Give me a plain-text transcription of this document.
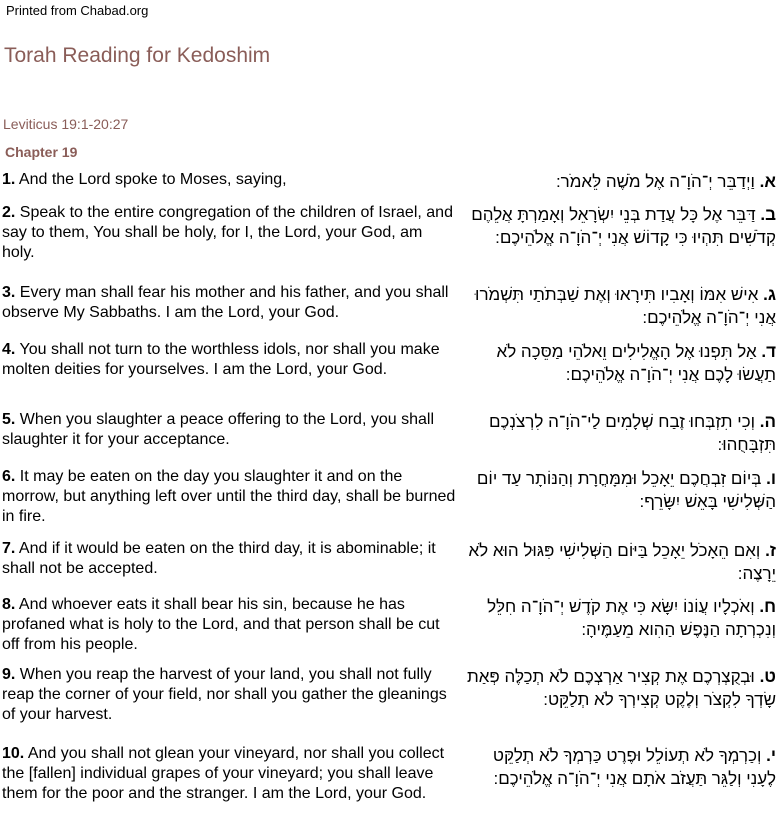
Printed from Chabad.org
Torah Reading for Kedoshim
Leviticus 19:1-20:27
Chapter 19
1. And the Lord spoke to Moses, saying,	א. וַיְדַבֵּר יְ־הֹוָ־ה אֶל מֹשֶׁה לֵּאמֹר:
2. Speak to the entire congregation of the children of Israel, and say to them, You shall be holy, for I, the Lord, your God, am holy.	ב. דַּבֵּר אֶל כָּל עֲדַת בְּנֵי יִשְׂרָאֵל וְאָמַרְתָּ אֲלֵהֶם קְדֹשִׁים תִּהְיוּ כִּי קָדוֹשׁ אֲנִי יְ־הֹוָ־ה אֱלֹהֵיכֶם:
3. Every man shall fear his mother and his father, and you shall observe My Sabbaths. I am the Lord, your God.	ג. אִישׁ אִמּוֹ וְאָבִיו תִּירָאוּ וְאֶת שַׁבְּתֹתַי תִּשְׁמֹרוּ אֲנִי יְ־הֹוָ־ה אֱלֹהֵיכֶם:
4. You shall not turn to the worthless idols, nor shall you make molten deities for yourselves. I am the Lord, your God.	ד. אַל תִּפְנוּ אֶל הָאֱלִילִים וֵאלֹהֵי מַסֵּכָה לֹא תַעֲשׂוּ לָכֶם אֲנִי יְ־הֹוָ־ה אֱלֹהֵיכֶם:
5. When you slaughter a peace offering to the Lord, you shall slaughter it for your acceptance.	ה. וְכִי תִזְבְּחוּ זֶבַח שְׁלָמִים לַי־הֹוָ־ה לִרְצֹנְכֶם תִּזְבָּחֻהוּ:
6. It may be eaten on the day you slaughter it and on the morrow, but anything left over until the third day, shall be burned in fire.	ו. בְּיוֹם זִבְחֲכֶם יֵאָכֵל וּמִמָּחֳרָת וְהַנּוֹתָר עַד יוֹם הַשְּׁלִישִׁי בָּאֵשׁ יִשָּׂרֵף:
7. And if it would be eaten on the third day, it is abominable; it shall not be accepted.	ז. וְאִם הֵאָכֹל יֵאָכֵל בַּיּוֹם הַשְּׁלִישִׁי פִּגּוּל הוּא לֹא יֵרָצֶה:
8. And whoever eats it shall bear his sin, because he has profaned what is holy to the Lord, and that person shall be cut off from his people.	ח. וְאֹכְלָיו עֲוֹנוֹ יִשָּׂא כִּי אֶת קֹדֶשׁ יְ־הֹוָ־ה חִלֵּל וְנִכְרְתָה הַנֶּפֶשׁ הַהִוא מֵעַמֶּיהָ:
9. When you reap the harvest of your land, you shall not fully reap the corner of your field, nor shall you gather the gleanings of your harvest.	ט. וּבְקֻצְרְכֶם אֶת קְצִיר אַרְצְכֶם לֹא תְכַלֶּה פְּאַת שָׂדְךָ לִקְצֹר וְלֶקֶט קְצִירְךָ לֹא תְלַקֵּט:
10. And you shall not glean your vineyard, nor shall you collect the [fallen] individual grapes of your vineyard; you shall leave them for the poor and the stranger. I am the Lord, your God.	י. וְכַרְמְךָ לֹא תְעוֹלֵל וּפֶרֶט כַּרְמְךָ לֹא תְלַקֵּט לֶעָנִי וְלַגֵּר תַּעֲזֹב אֹתָם אֲנִי יְ־הֹוָ־ה אֱלֹהֵיכֶם:
